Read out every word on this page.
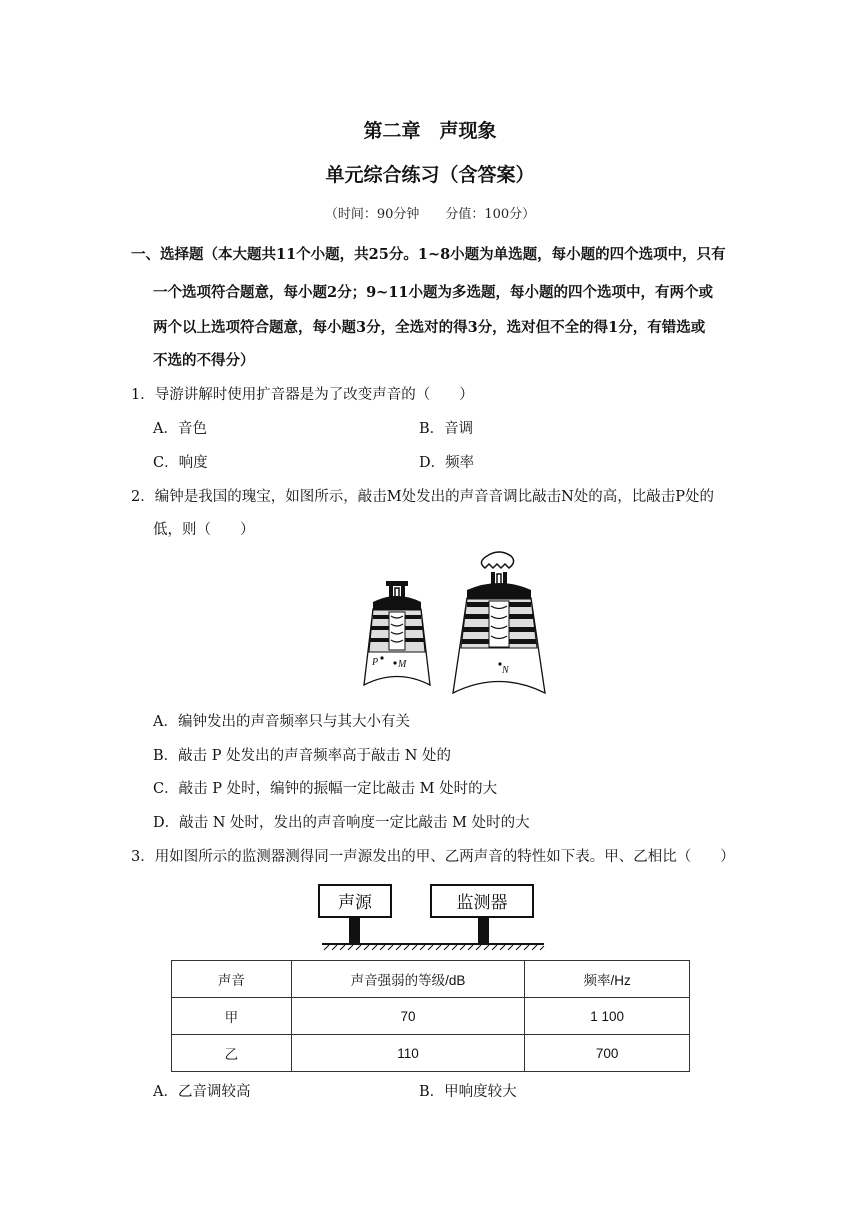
第二章　声现象
单元综合练习（含答案）
（时间：90分钟　　分值：100分）
一、选择题（本大题共11个小题，共25分。1~8小题为单选题，每小题的四个选项中，只有
一个选项符合题意，每小题2分；9~11小题为多选题，每小题的四个选项中，有两个或
两个以上选项符合题意，每小题3分，全选对的得3分，选对但不全的得1分，有错选或
不选的不得分）
1．导游讲解时使用扩音器是为了改变声音的（　　）
A．音色	B．音调
C．响度	D．频率
2．编钟是我国的瑰宝，如图所示，敲击M处发出的声音音调比敲击N处的高，比敲击P处的
低，则（　　）
P M
N
A．编钟发出的声音频率只与其大小有关
B．敲击 P 处发出的声音频率高于敲击 N 处的
C．敲击 P 处时，编钟的振幅一定比敲击 M 处时的大
D．敲击 N 处时，发出的声音响度一定比敲击 M 处时的大
3．用如图所示的监测器测得同一声源发出的甲、乙两声音的特性如下表。甲、乙相比（　　）
声源	监测器
声音	声音强弱的等级/dB	频率/Hz
甲	70	1 100
乙	110	700
A．乙音调较高	B．甲响度较大
